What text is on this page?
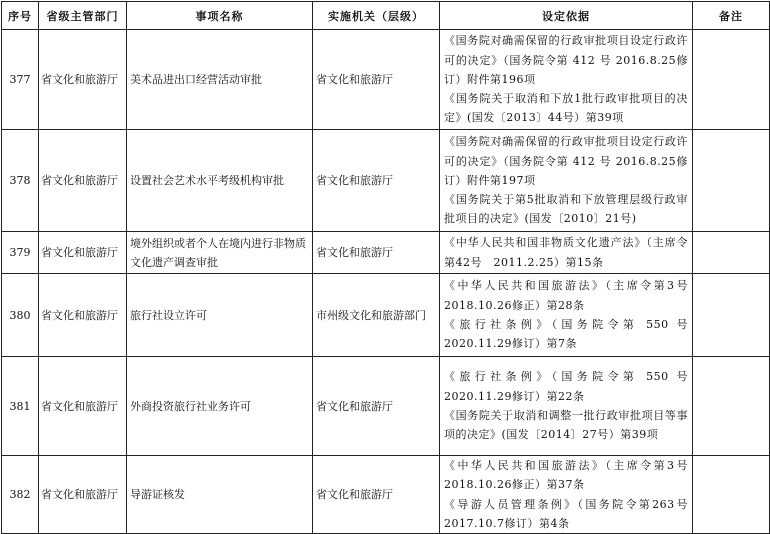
序号	省级主管部门	事项名称	实施机关（层级）	设定依据	备注
377	省文化和旅游厅	美术品进出口经营活动审批	省文化和旅游厅	《国务院对确需保留的行政审批项目设定行政许可的决定》（国务院令第 412 号 2016.8.25修订）附件第196项
《国务院关于取消和下放1批行政审批项目的决定》(国发〔2013〕44号）第39项	

378	省文化和旅游厅	设置社会艺术水平考级机构审批	省文化和旅游厅	《国务院对确需保留的行政审批项目设定行政许可的决定》（国务院令第 412 号 2016.8.25修订）附件第197项
《国务院关于第5批取消和下放管理层级行政审批项目的决定》(国发〔2010〕21号)	

379	省文化和旅游厅	境外组织或者个人在境内进行非物质文化遗产调查审批	省文化和旅游厅	《中华人民共和国非物质文化遗产法》（主席令第42号　2011.2.25）第15条	

380	省文化和旅游厅	旅行社设立许可	市州级文化和旅游部门	《中华人民共和国旅游法》（主席令第3号 2018.10.26修正）第28条
《旅行社条例》（国务院令第 550 号 2020.11.29修订）第7条	

381	省文化和旅游厅	外商投资旅行社业务许可	省文化和旅游厅	《旅行社条例》（国务院令第 550 号 2020.11.29修订）第22条
《国务院关于取消和调整一批行政审批项目等事项的决定》(国发〔2014〕27号）第39项	

382	省文化和旅游厅	导游证核发	省文化和旅游厅	《中华人民共和国旅游法》（主席令第3号 2018.10.26修正）第37条
《导游人员管理条例》（国务院令第263号 2017.10.7修订）第4条	
